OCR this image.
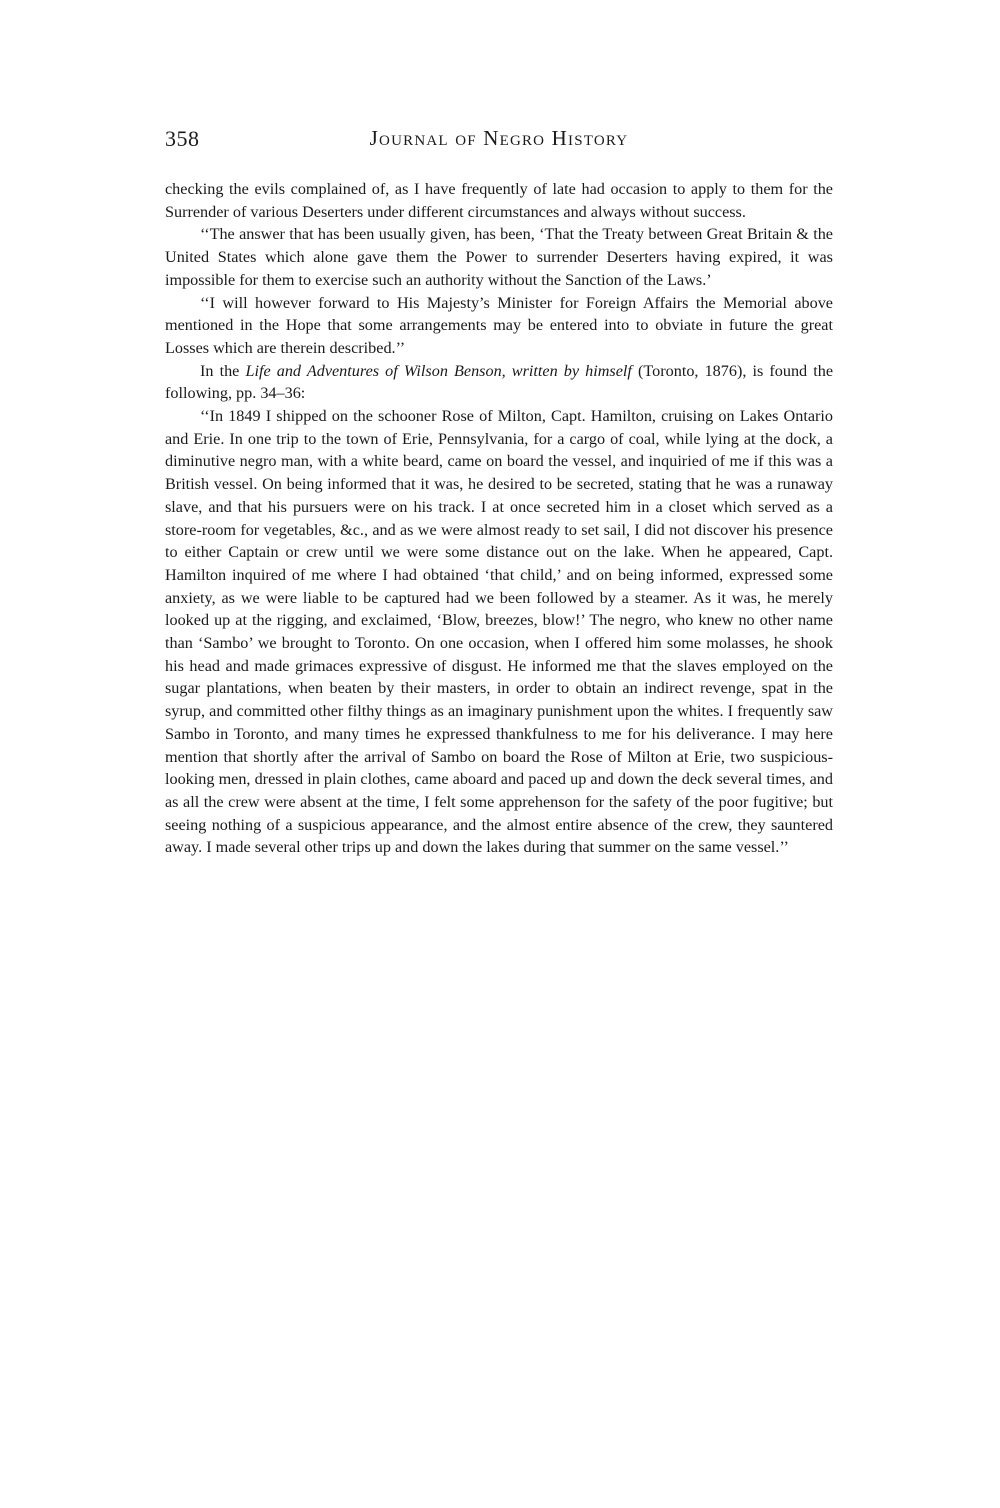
358	Journal of Negro History

checking the evils complained of, as I have frequently of late had occasion to apply to them for the Surrender of various Deserters under different circumstances and always without success.

‘‘The answer that has been usually given, has been, ‘That the Treaty between Great Britain & the United States which alone gave them the Power to surrender Deserters having expired, it was impossible for them to exercise such an authority without the Sanction of the Laws.’

‘‘I will however forward to His Majesty’s Minister for Foreign Affairs the Memorial above mentioned in the Hope that some arrangements may be entered into to obviate in future the great Losses which are therein described.’’

In the Life and Adventures of Wilson Benson, written by himself (Toronto, 1876), is found the following, pp. 34–36:

‘‘In 1849 I shipped on the schooner Rose of Milton, Capt. Hamilton, cruising on Lakes Ontario and Erie. In one trip to the town of Erie, Pennsylvania, for a cargo of coal, while lying at the dock, a diminutive negro man, with a white beard, came on board the vessel, and inquiried of me if this was a British vessel. On being informed that it was, he desired to be secreted, stating that he was a runaway slave, and that his pursuers were on his track. I at once secreted him in a closet which served as a store-room for vegetables, &c., and as we were almost ready to set sail, I did not discover his presence to either Captain or crew until we were some distance out on the lake. When he appeared, Capt. Hamilton inquired of me where I had obtained ‘that child,’ and on being informed, expressed some anxiety, as we were liable to be captured had we been followed by a steamer. As it was, he merely looked up at the rigging, and exclaimed, ‘Blow, breezes, blow!’ The negro, who knew no other name than ‘Sambo’ we brought to Toronto. On one occasion, when I offered him some molasses, he shook his head and made grimaces expressive of disgust. He informed me that the slaves employed on the sugar plantations, when beaten by their masters, in order to obtain an indirect revenge, spat in the syrup, and committed other filthy things as an imaginary punishment upon the whites. I frequently saw Sambo in Toronto, and many times he expressed thankfulness to me for his deliverance. I may here mention that shortly after the arrival of Sambo on board the Rose of Milton at Erie, two suspicious-looking men, dressed in plain clothes, came aboard and paced up and down the deck several times, and as all the crew were absent at the time, I felt some apprehenson for the safety of the poor fugitive; but seeing nothing of a suspicious appearance, and the almost entire absence of the crew, they sauntered away. I made several other trips up and down the lakes during that summer on the same vessel.’’
